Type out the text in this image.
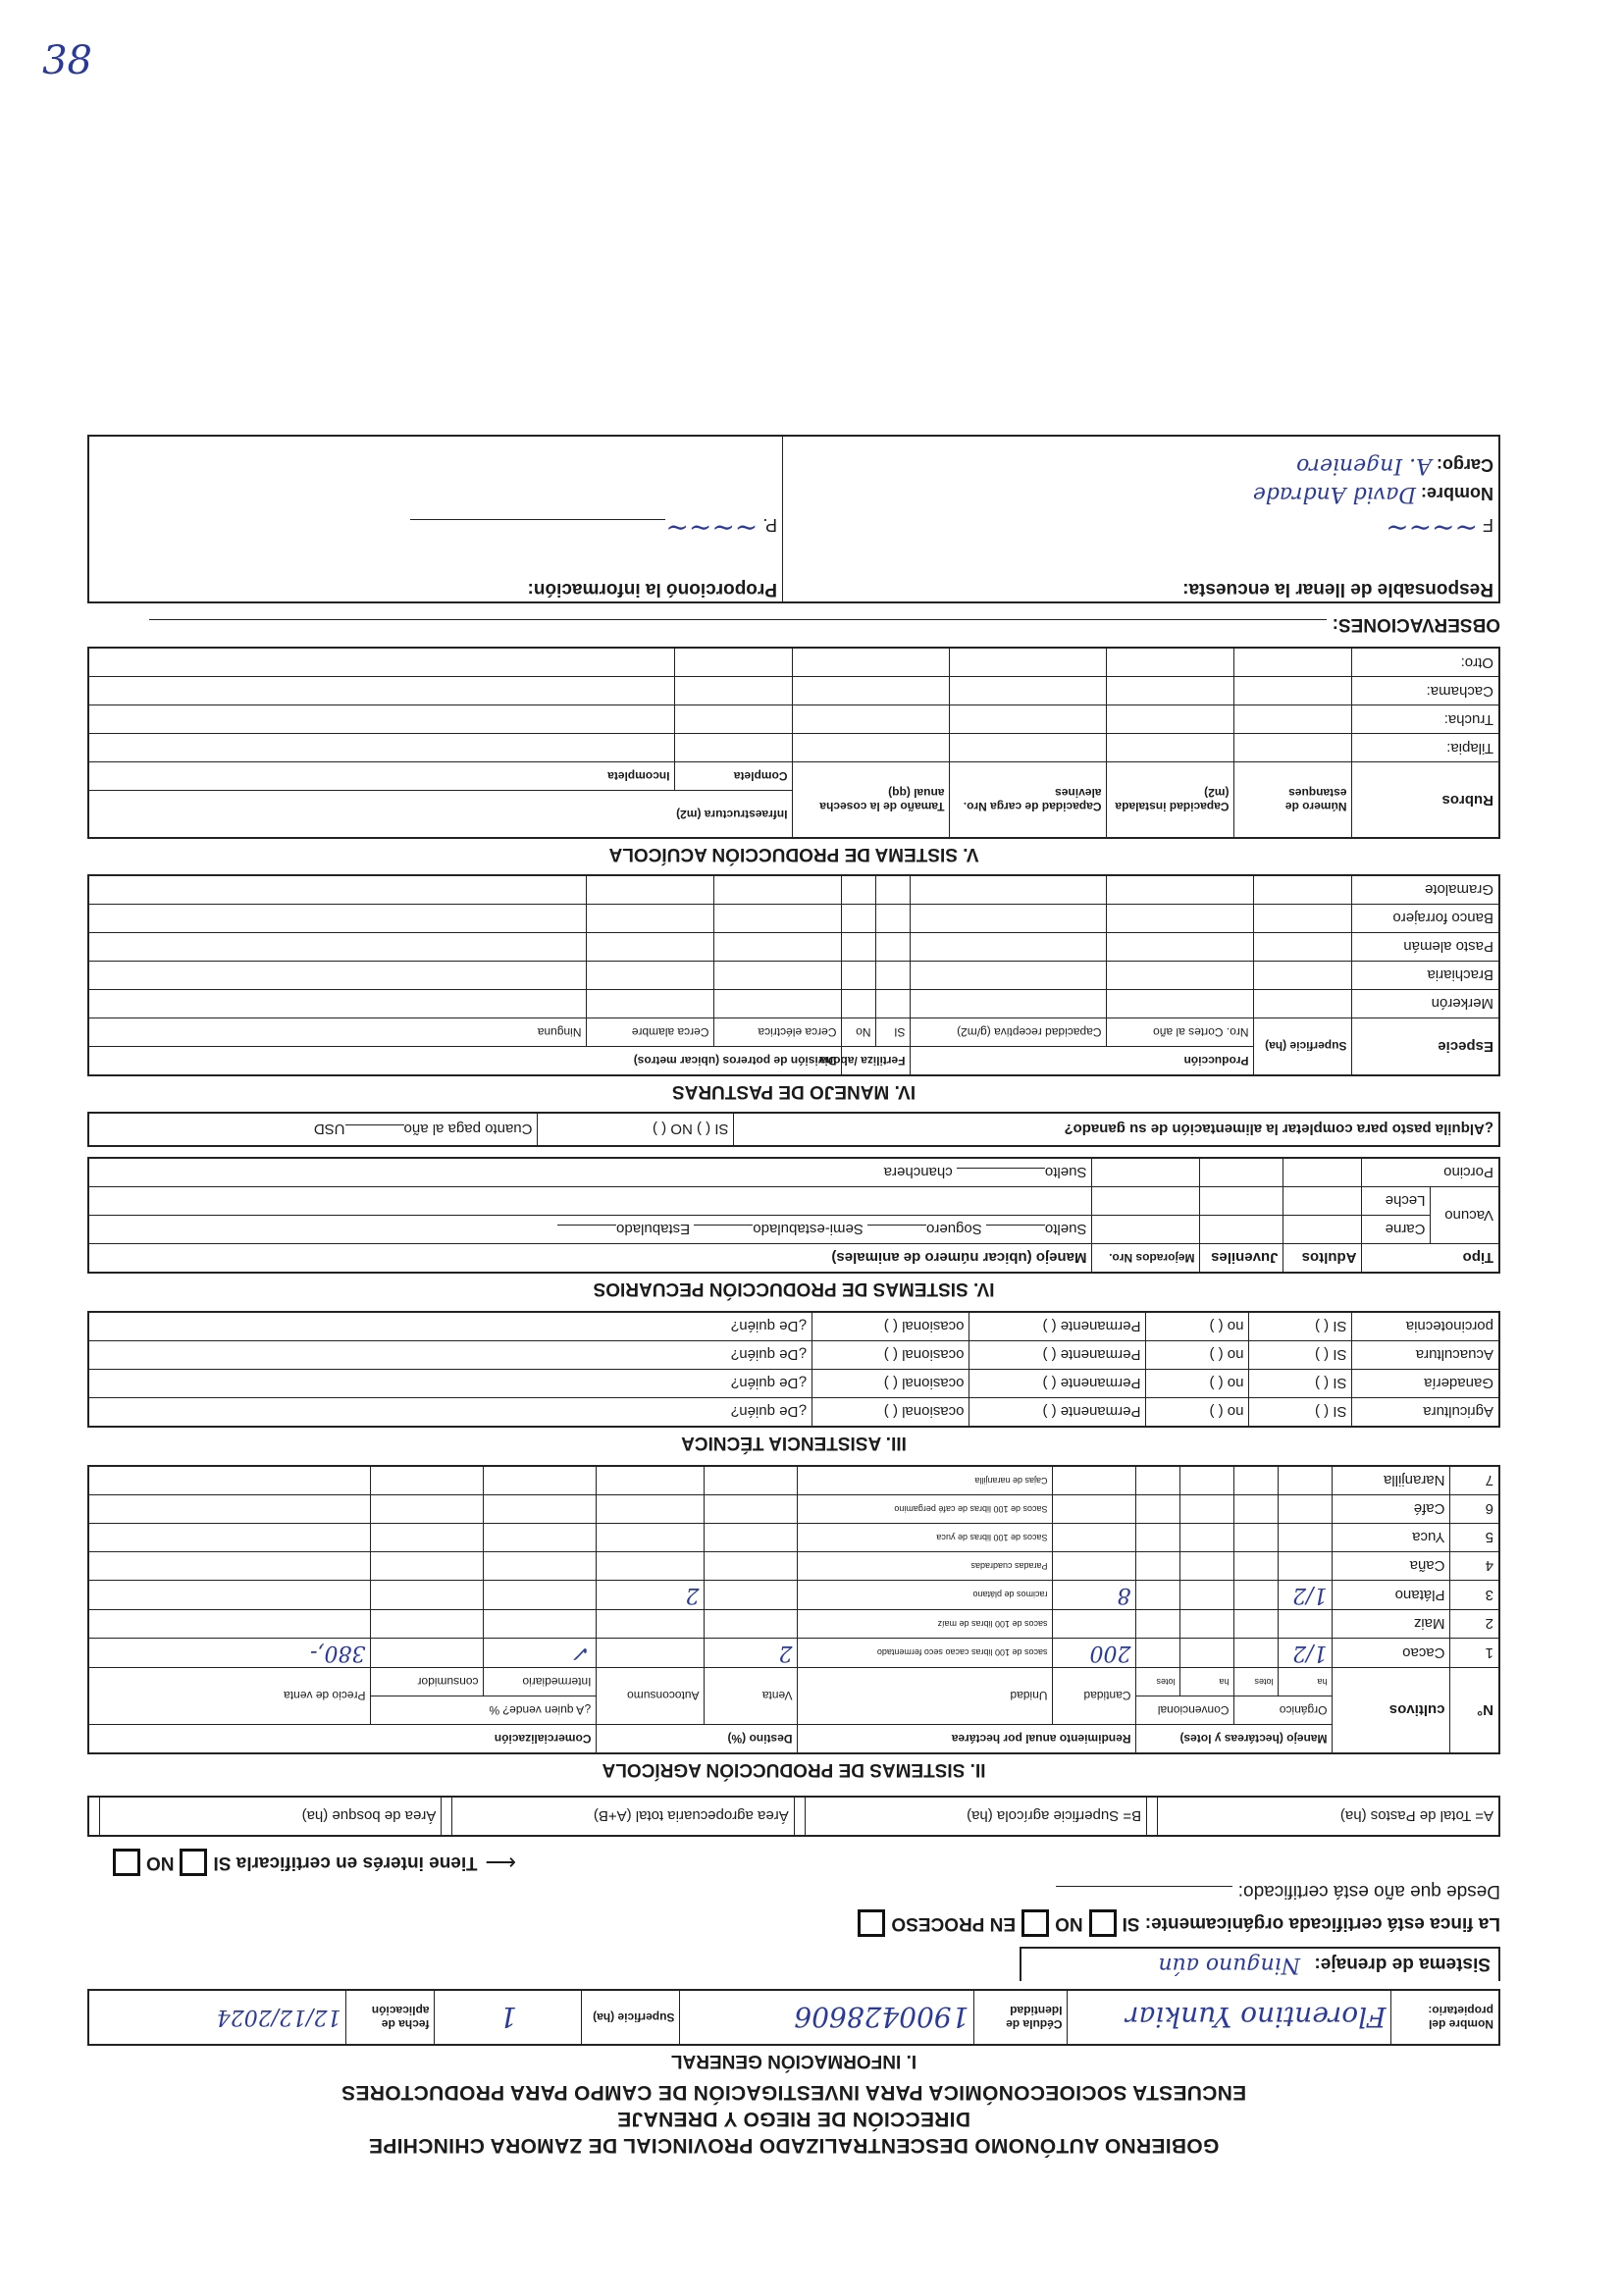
38
GOBIERNO AUTÓNOMO DESCENTRALIZADO PROVINCIAL DE ZAMORA CHINCHIPE
DIRECCIÓN DE RIEGO Y DRENAJE
ENCUESTA SOCIOECONÓMICA PARA INVESTIGACIÓN DE CAMPO PARA PRODUCTORES
I. INFORMACIÓN GENERAL
Nombre del propietario:	Florentino Yunkiar	Cédula de Identidad	1900428606	Superficie (ha)	1	fecha de aplicación	12/12/2024
Sistema de drenaje: Ninguno aún
La finca está certificada orgánicamente: SI
NO
EN PROCESO
Desde que año está certificado:
⟵
Tiene interés en certificarla SI
NO
A= Total de Pastos (ha)		B= Superficie agrícola (ha)		Área agropecuaria total (A+B)		Área de bosque (ha)	
II. SISTEMAS DE PRODUCCIÓN AGRÍCOLA
N°	cultivos	Manejo (hectáreas y lotes)				Rendimiento anual por hectárea		Destino (%)		Comercialización		
		Orgánico		Convencional		Cantidad	Unidad	Venta	Autoconsumo	¿A quien vende? %		Precio de venta
		ha	lotes	ha	lotes					Intermediario	consumidor	
1	Cacao	1/2				200	sacos de 100 libras cacao seco fermentado	2		✓		380,-
2	Maiz						sacos de 100 libras de maíz					
3	Plátano	1/2				8	racimos de plátano		2			
4	Caña						Paradas cuadradas					
5	Yuca						Sacos de 100 libras de yuca					
6	Café						Sacos de 100 libras de café pergamino					
7	Naranjilla						Cajas de naranjilla					
III. ASISTENCIA TÉCNICA
Agricultura	SI ( )	no ( )	Permanente ( )	ocasional ( )	¿De quién?
Ganadería	SI ( )	no ( )	Permanente ( )	ocasional ( )	¿De quién?
Acuacultura	SI ( )	no ( )	Permanente ( )	ocasional ( )	¿De quién?
porcinotecnia	SI ( )	no ( )	Permanente ( )	ocasional ( )	¿De quién?
IV. SISTEMAS DE PRODUCCIÓN PECUARIOS
Tipo		Adultos	Juveniles	Mejorados Nro.	Manejo (ubicar número de animales)
Vacuno	Carne				Suelto Soguero Semi-estabulado Estabulado
	Leche				
Porcino					Suelto chanchera
¿Alquila pasto para completar la alimentación de su ganado?	SI ( ) NO ( )	Cuanto paga al añoUSD
IV. MANEJO DE PASTURAS
Especie	Superficie (ha)	Producción		Fertiliza /abona		División de potreros (ubicar metros)		
		Nro. Cortes al año	Capacidad receptiva (g/m2)	SI	No	Cerca eléctrica	Cerca alambre	Ninguna
Merkerón								
Brachiaria								
Pasto alemán								
Banco forrajero								
Gramalote								
V. SISTEMA DE PRODUCCIÓN ACUÍCOLA
Rubros	Número de estanques	Capacidad instalada (m2)	Capacidad de carga Nro. alevines	Tamaño de la cosecha anual (qq)	Infraestructura (m2)	
					Completa	Incompleta
Tilapia:						
Trucha:						
Cachama:						
Otro:						
OBSERVACIONES:
Responsable de llenar la encuesta:
F ~~~~
Nombre: David Andrade
Cargo: A. Ingeniero

Proporcionó la información:
P. ~~~~
